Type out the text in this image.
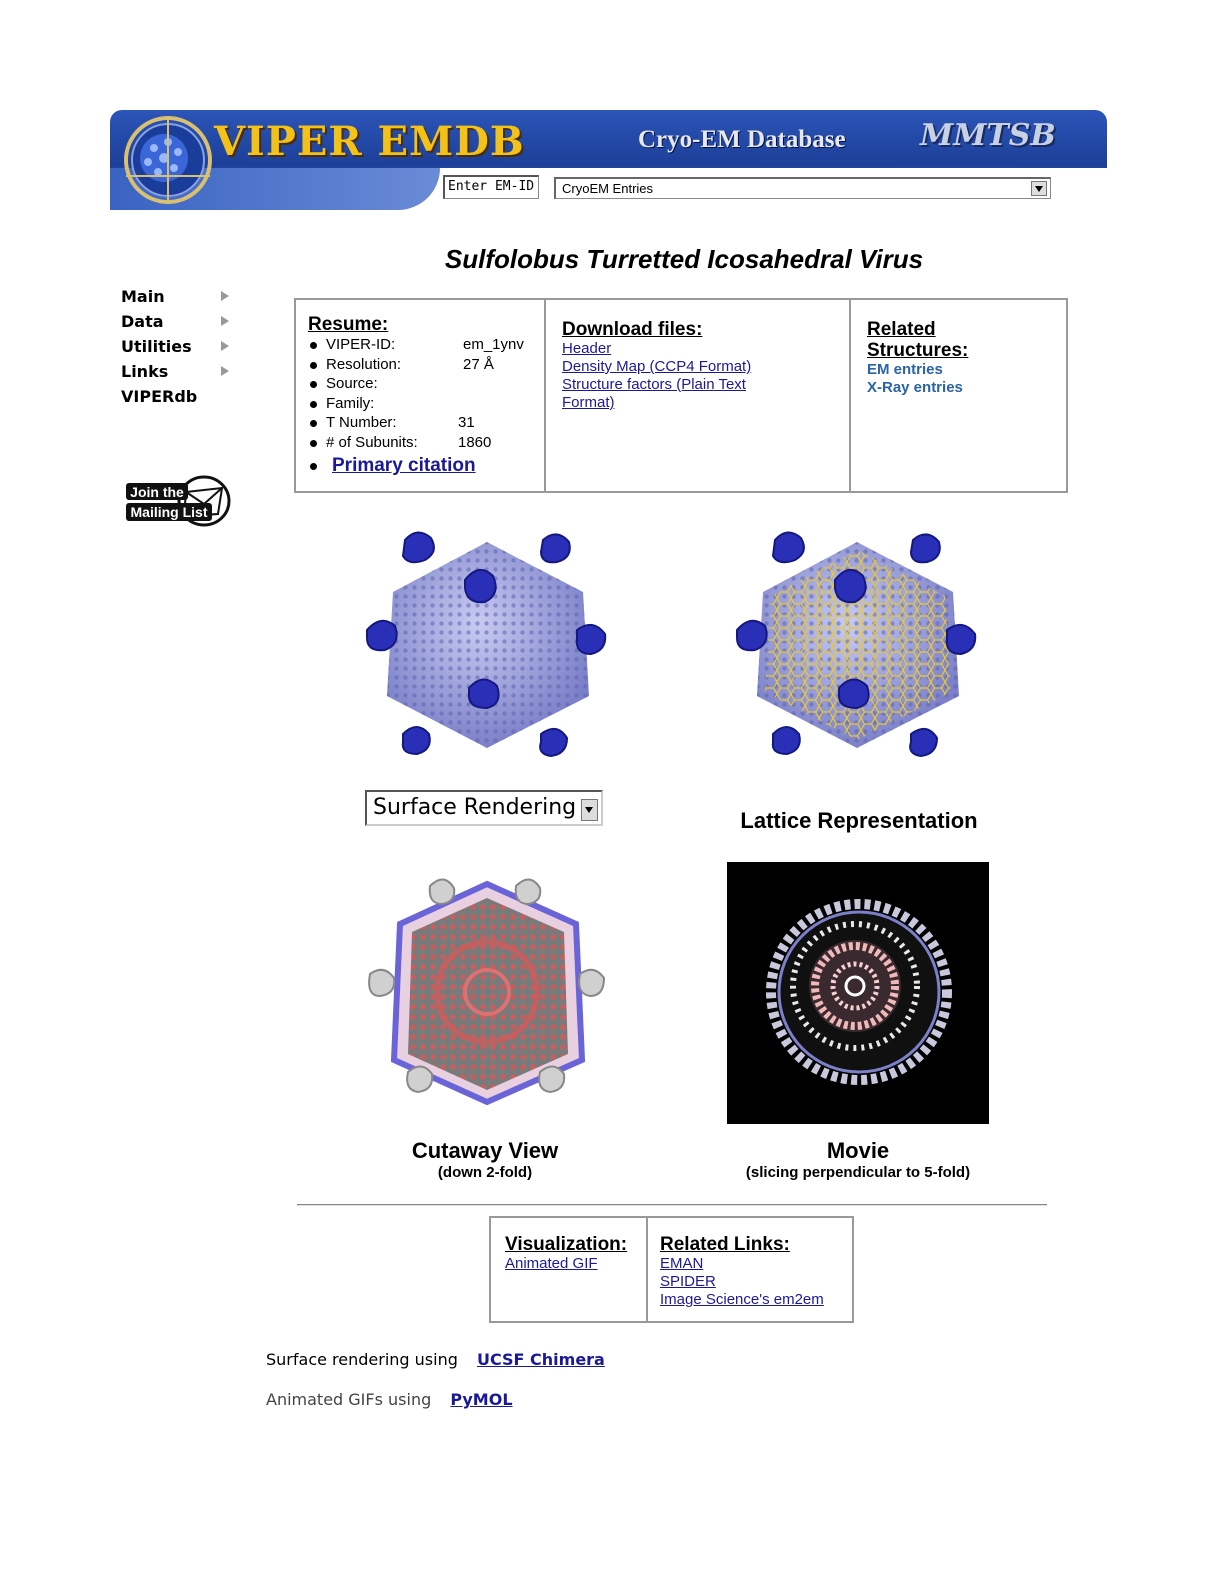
VIPER EMDB	Cryo-EM Database MMTSB
Enter EM-ID	CryoEM Entries
Sulfolobus Turretted Icosahedral Virus
Main
Data
Utilities
Links
VIPERdb
Join the
Mailing List
Resume:
VIPER-ID:	em_1ynv
Resolution:	27 Å
Source:
Family:
T Number:	31
# of Subunits:	1860
Primary citation
Download files:
Header
Density Map (CCP4 Format)
Structure factors (Plain Text Format)
Related Structures:
EM entries
X-Ray entries
Surface Rendering
Lattice Representation
Cutaway View
(down 2-fold)
Movie
(slicing perpendicular to 5-fold)
Visualization:
Animated GIF
Related Links:
EMAN
SPIDER
Image Science's em2em
Surface rendering using UCSF Chimera
Animated GIFs using PyMOL
